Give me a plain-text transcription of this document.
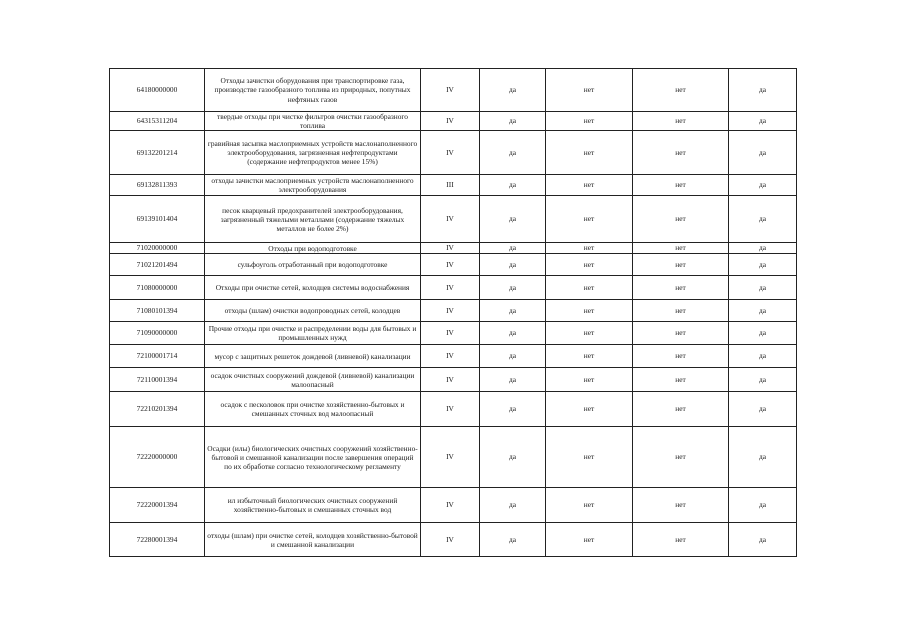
64180000000	Отходы зачистки оборудования при транспортировке газа, производстве газообразного топлива из природных, попутных нефтяных газов	IV	да	нет	нет	да
64315311204	твердые отходы при чистке фильтров очистки газообразного топлива	IV	да	нет	нет	да
69132201214	гравийная засыпка маслоприемных устройств маслонаполненного электрооборудования, загрязненная нефтепродуктами (содержание нефтепродуктов менее 15%)	IV	да	нет	нет	да
69132811393	отходы зачистки маслоприемных устройств маслонаполненного электрооборудования	III	да	нет	нет	да
69139101404	песок кварцевый предохранителей электрооборудования, загрязненный тяжелыми металлами (содержание тяжелых металлов не более 2%)	IV	да	нет	нет	да
71020000000	Отходы при водоподготовке	IV	да	нет	нет	да
71021201494	сульфоуголь отработанный при водоподготовке	IV	да	нет	нет	да
71080000000	Отходы при очистке сетей, колодцев системы водоснабжения	IV	да	нет	нет	да
71080101394	отходы (шлам) очистки водопроводных сетей, колодцев	IV	да	нет	нет	да
71090000000	Прочие отходы при очистке и распределении воды для бытовых и промышленных нужд	IV	да	нет	нет	да
72100001714	мусор с защитных решеток дождевой (ливневой) канализации	IV	да	нет	нет	да
72110001394	осадок очистных сооружений дождевой (ливневой) канализации малоопасный	IV	да	нет	нет	да
72210201394	осадок с песколовок при очистке хозяйственно-бытовых и смешанных сточных вод малоопасный	IV	да	нет	нет	да
72220000000	Осадки (илы) биологических очистных сооружений хозяйственно-бытовой и смешанной канализации после завершения операций по их обработке согласно технологическому регламенту	IV	да	нет	нет	да
72220001394	ил избыточный биологических очистных сооружений хозяйственно-бытовых и смешанных сточных вод	IV	да	нет	нет	да
72280001394	отходы (шлам) при очистке сетей, колодцев хозяйственно-бытовой и смешанной канализации	IV	да	нет	нет	да
